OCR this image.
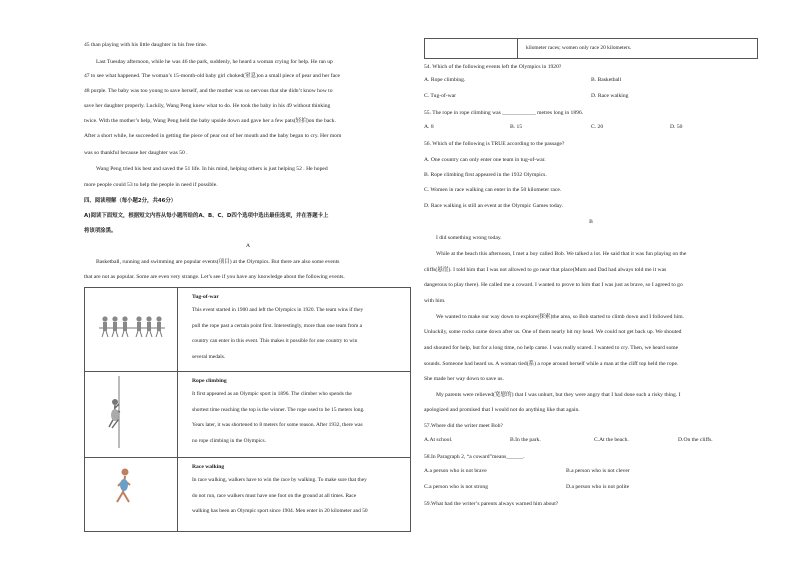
45 than playing with his little daughter in his free time.

Last Tuesday afternoon, while he was 46 the park, suddenly, he heard a woman crying for help. He ran up

47 to see what happened. The woman’s 15-month-old baby girl choked(窒息)on a small piece of pear and her face

48 purple. The baby was too young to save herself, and the mother was so nervous that she didn’t know how to

save her daughter properly. Luckily, Wang Peng knew what to do. He took the baby in his 49 without thinking

twice. With the mother’s help, Wang Peng held the baby upside down and gave her a few pats(轻拍)on the back.

After a short while, he succeeded in getting the piece of pear out of her mouth and the baby began to cry. Her mom

was so thankful because her daughter was 50 .

Wang Peng tried his best and saved the 51 life. In his mind, helping others is just helping 52 . He hoped

more people could 53 to help the people in need if possible.

四、阅读理解（每小题2分，共46分）

A)阅读下面短文，根据短文内容从每小题所给的A、B、C、D四个选项中选出最佳选项，并在答题卡上

将该项涂黑。

A

Basketball, running and swimming are popular events(项目) at the Olympics. But there are also some events

that are not as popular. Some are even very strange. Let’s see if you have any knowledge about the following events.

Tug-of-war
This event started in 1900 and left the Olympics in 1920. The team wins if they
pull the rope past a certain point first. Interestingly, more than one team from a
country can enter in this event. This makes it possible for one country to win
several medals.

Rope climbing
It first appeared as an Olympic sport in 1896. The climber who spends the
shortest time reaching the top is the winner. The rope used to be 15 meters long.
Years later, it was shortened to 8 meters for some reason. After 1932, there was
no rope climbing in the Olympics.

Race walking
In race walking, walkers have to win the race by walking. To make sure that they
do not run, race walkers must have one foot on the ground at all times. Race
walking has been an Olympic sport since 1904. Men enter in 20 kilometer and 50
	kilometer races; women only race 20 kilometers.

54. Which of the following events left the Olympics in 1920?

A. Rope climbing.	B. Basketball
C. Tug-of-war	D. Race walking

55. The rope in rope climbing was ____________ metres long in 1896.

A. 8	B. 15	C. 20	D. 50

56. Which of the following is TRUE according to the passage?

A. One country can only enter one team in tug-of-war.

B. Rope climbing first appeared in the 1932 Olympics.

C. Women in race walking can enter in the 50 kilometer race.

D. Race walking is still an event at the Olympic Games today.

B

I did something wrong today.

While at the beach this afternoon, I met a boy called Bob. We talked a lot. He said that it was fun playing on the

cliffs(悬崖). I told him that I was not allowed to go near that place(Mum and Dad had always told me it was

dangerous to play there). He called me a coward. I wanted to prove to him that I was just as brave, so I agreed to go

with him.

We wanted to make our way down to explore(探索)the area, so Bob started to climb down and I followed him.

Unluckily, some rocks came down after us. One of them nearly hit my head. We could not get back up. We shouted

and shouted for help, but for a long time, no help came. I was really scared. I wanted to cry. Then, we heard some

sounds. Someone had heard us. A woman tied(系) a rope around herself while a man at the cliff top held the rope.

She made her way down to save us.

My parents were relieved(宽慰的) that I was unhurt, but they were angry that I had done such a risky thing. I

apologized and promised that I would not do anything like that again.

57.Where did the writer meet Bob?

A.At school.	B.In the park.	C.At the beach.	D.On the cliffs.

58.In Paragraph 2, “a coward”means______.

A.a person who is not brave	B.a person who is not clever
C.a person who is not strong	D.a person who is not polite

59.What had the writer’s parents always warned him about?
